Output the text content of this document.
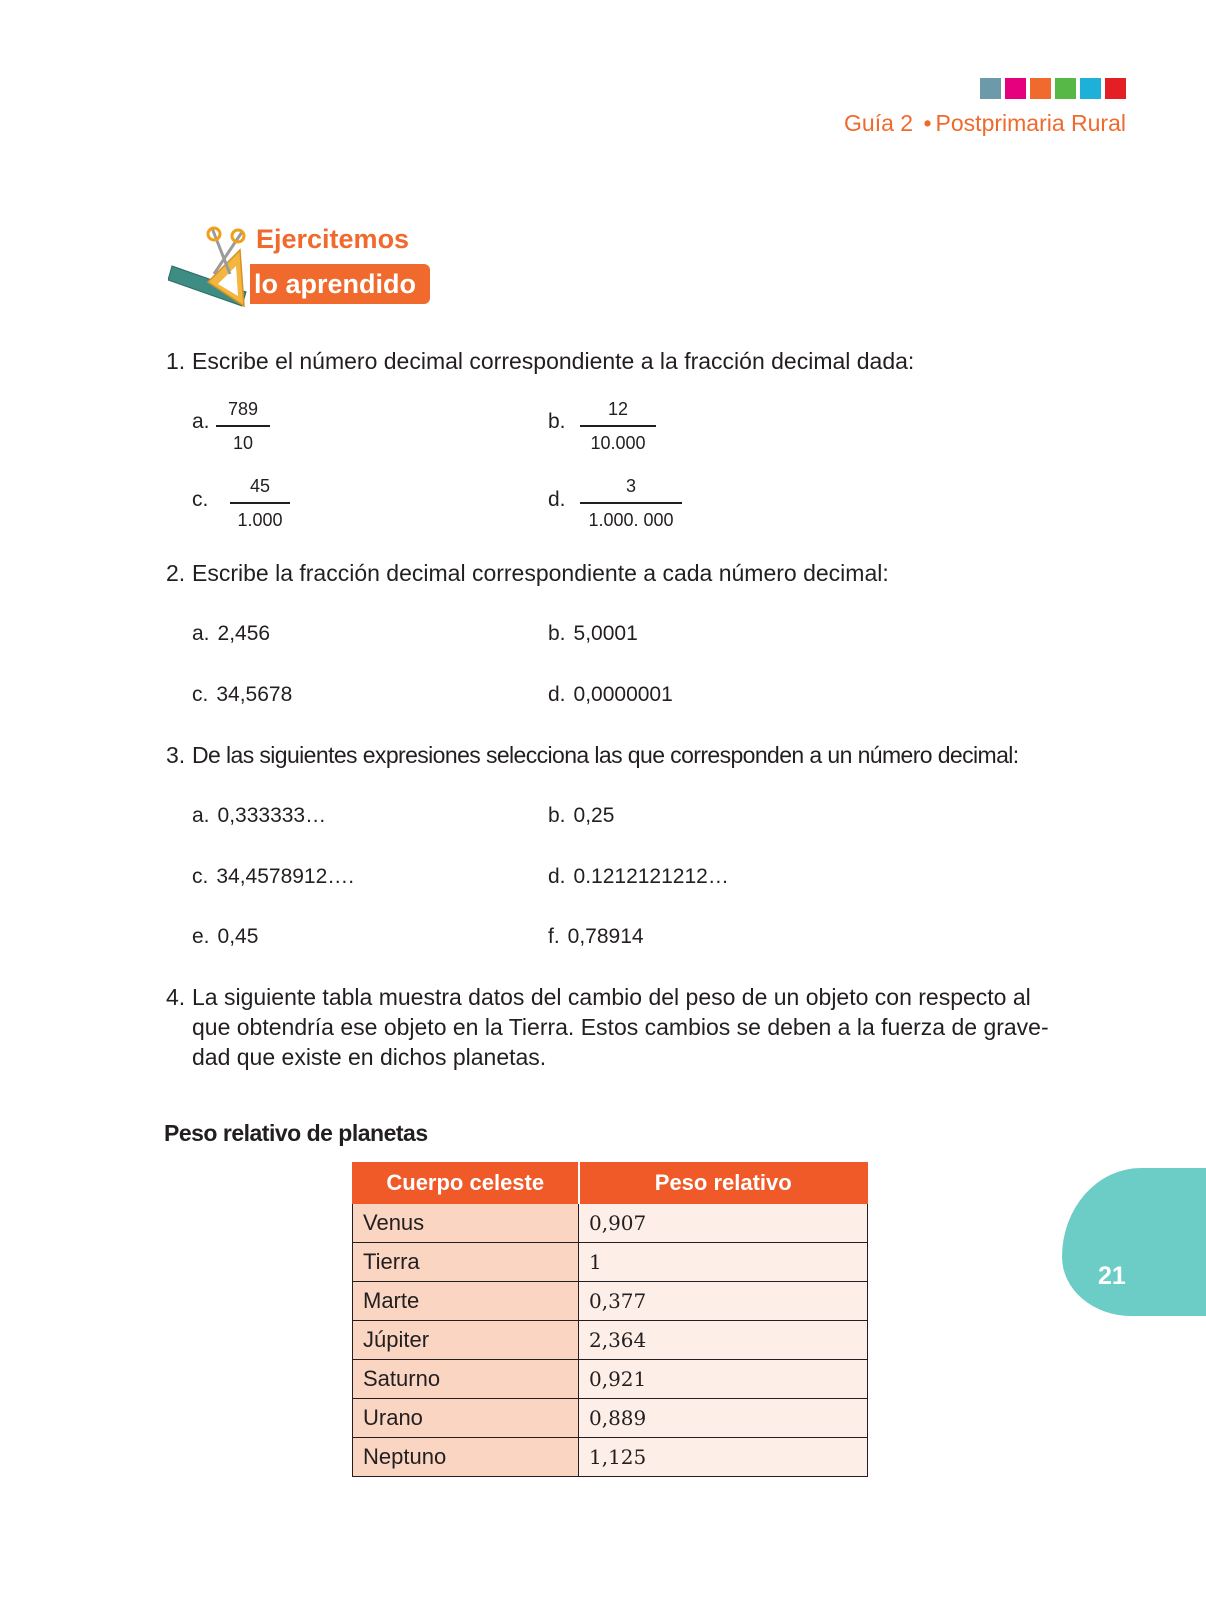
Guía 2 • Postprimaria Rural
Ejercitemos
lo aprendido
1. Escribe el número decimal correspondiente a la fracción decimal dada:
a.
789
10
b.
12
10.000
c.
45
1.000
d.
3
1.000. 000
2. Escribe la fracción decimal correspondiente a cada número decimal:
a. 2,456	b. 5,0001
c. 34,5678	d. 0,0000001
3. De las siguientes expresiones selecciona las que corresponden a un número decimal:
a. 0,333333…	b. 0,25
c. 34,4578912….	d. 0.1212121212…
e. 0,45	f. 0,78914
4. La siguiente tabla muestra datos del cambio del peso de un objeto con respecto al
que obtendría ese objeto en la Tierra. Estos cambios se deben a la fuerza de grave-
dad que existe en dichos planetas.
Peso relativo de planetas
Cuerpo celeste	Peso relativo
Venus	0,907
Tierra	1
Marte	0,377
Júpiter	2,364
Saturno	0,921
Urano	0,889
Neptuno	1,125
21
